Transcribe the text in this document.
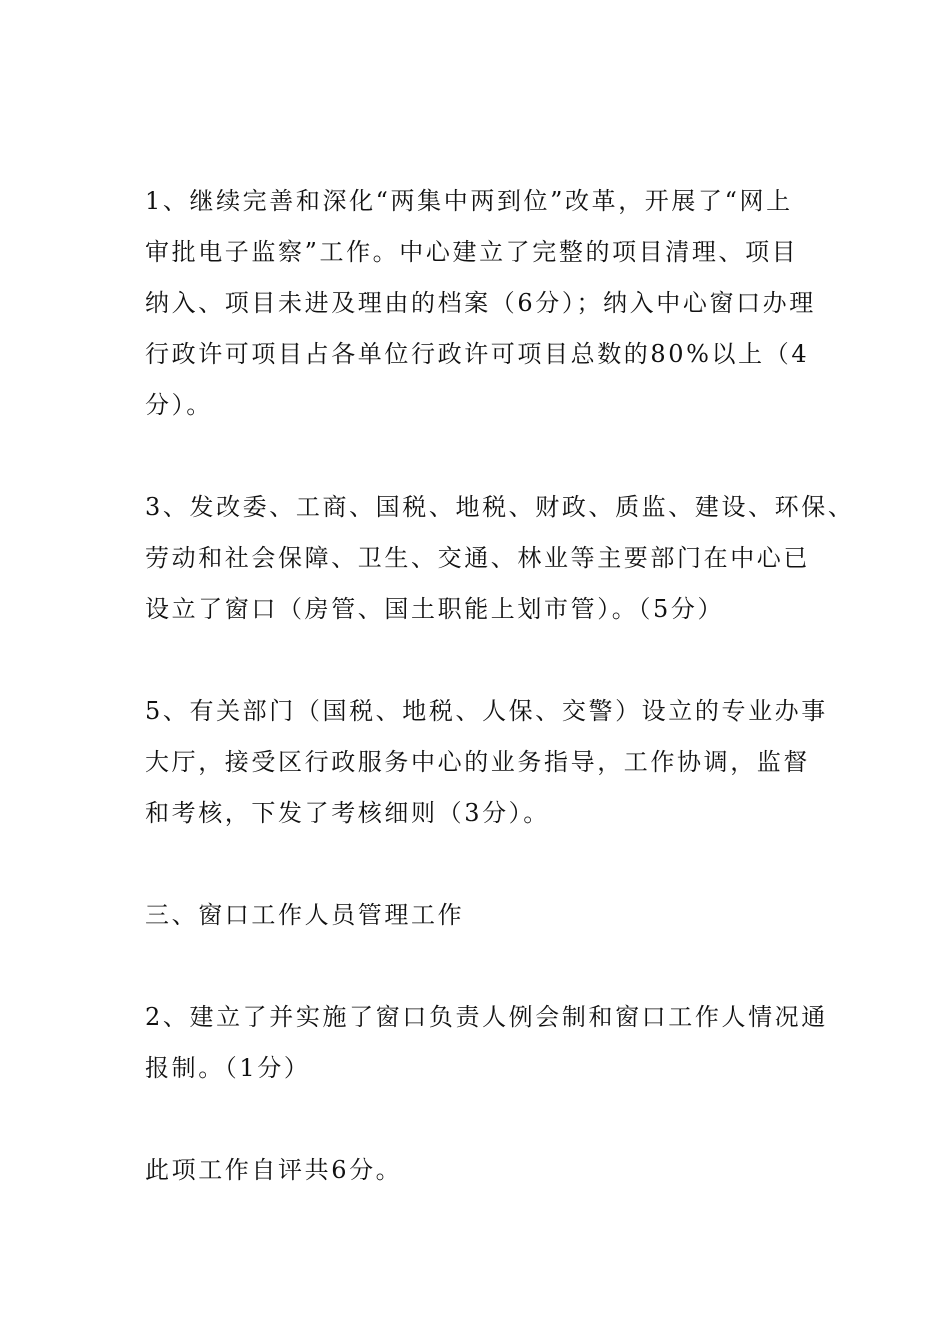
1、继续完善和深化“两集中两到位”改革，开展了“网上
审批电子监察”工作。中心建立了完整的项目清理、项目
纳入、项目未进及理由的档案（6分）；纳入中心窗口办理
行政许可项目占各单位行政许可项目总数的80%以上（4
分）。

3、发改委、工商、国税、地税、财政、质监、建设、环保、
劳动和社会保障、卫生、交通、林业等主要部门在中心已
设立了窗口（房管、国土职能上划市管）。（5分）

5、有关部门（国税、地税、人保、交警）设立的专业办事
大厅，接受区行政服务中心的业务指导，工作协调，监督
和考核，下发了考核细则（3分）。

三、窗口工作人员管理工作

2、建立了并实施了窗口负责人例会制和窗口工作人情况通
报制。（1分）

此项工作自评共6分。
